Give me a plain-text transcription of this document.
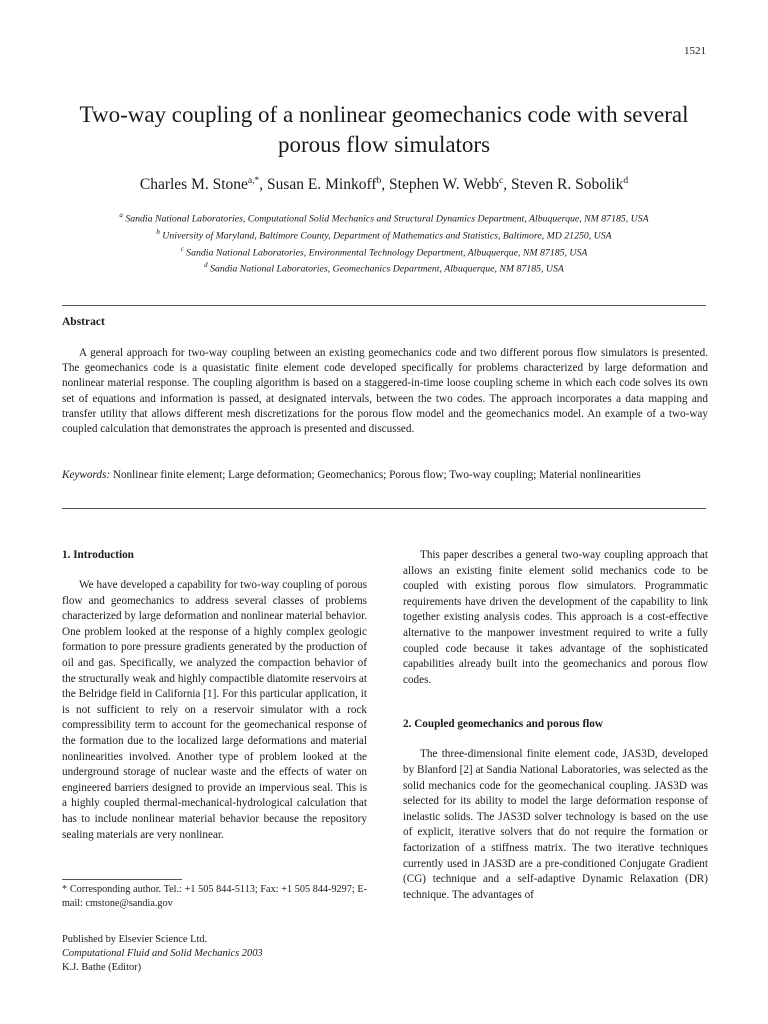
1521
Two-way coupling of a nonlinear geomechanics code with several
porous flow simulators
Charles M. Stone$^{a,*}$, Susan E. Minkoff$^b$, Stephen W. Webb$^c$, Steven R. Sobolik$^d$
$^a$ Sandia National Laboratories, Computational Solid Mechanics and Structural Dynamics Department, Albuquerque, NM 87185, USA
$^b$ University of Maryland, Baltimore County, Department of Mathematics and Statistics, Baltimore, MD 21250, USA
$^c$ Sandia National Laboratories, Environmental Technology Department, Albuquerque, NM 87185, USA
$^d$ Sandia National Laboratories, Geomechanics Department, Albuquerque, NM 87185, USA
Abstract

A general approach for two-way coupling between an existing geomechanics code and two different porous flow simulators is presented. The geomechanics code is a quasistatic finite element code developed specifically for problems characterized by large deformation and nonlinear material response. The coupling algorithm is based on a staggered-in-time loose coupling scheme in which each code solves its own set of equations and information is passed, at designated intervals, between the two codes. The approach incorporates a data mapping and transfer utility that allows different mesh discretizations for the porous flow model and the geomechanics model. An example of a two-way coupled calculation that demonstrates the approach is presented and discussed.

Keywords: Nonlinear finite element; Large deformation; Geomechanics; Porous flow; Two-way coupling; Material nonlinearities

1. Introduction

We have developed a capability for two-way coupling of porous flow and geomechanics to address several classes of problems characterized by large deformation and nonlinear material behavior. One problem looked at the response of a highly complex geologic formation to pore pressure gradients generated by the production of oil and gas. Specifically, we analyzed the compaction behavior of the structurally weak and highly compactible diatomite reservoirs at the Belridge field in California [1]. For this particular application, it is not sufficient to rely on a reservoir simulator with a rock compressibility term to account for the geomechanical response of the formation due to the localized large deformations and material nonlinearities involved. Another type of problem looked at the underground storage of nuclear waste and the effects of water on engineered barriers designed to provide an impervious seal. This is a highly coupled thermal-mechanical-hydrological calculation that has to include nonlinear material behavior because the repository sealing materials are very nonlinear.

This paper describes a general two-way coupling approach that allows an existing finite element solid mechanics code to be coupled with existing porous flow simulators. Programmatic requirements have driven the development of the capability to link together existing analysis codes. This approach is a cost-effective alternative to the manpower investment required to write a fully coupled code because it takes advantage of the sophisticated capabilities already built into the geomechanics and porous flow codes.

2. Coupled geomechanics and porous flow

The three-dimensional finite element code, JAS3D, developed by Blanford [2] at Sandia National Laboratories, was selected as the solid mechanics code for the geomechanical coupling. JAS3D was selected for its ability to model the large deformation response of inelastic solids. The JAS3D solver technology is based on the use of explicit, iterative solvers that do not require the formation or factorization of a stiffness matrix. The two iterative techniques currently used in JAS3D are a pre-conditioned Conjugate Gradient (CG) technique and a self-adaptive Dynamic Relaxation (DR) technique. The advantages of

* Corresponding author. Tel.: +1 505 844-5113; Fax: +1 505 844-9297; E-mail: cmstone@sandia.gov

Published by Elsevier Science Ltd.
Computational Fluid and Solid Mechanics 2003
K.J. Bathe (Editor)
